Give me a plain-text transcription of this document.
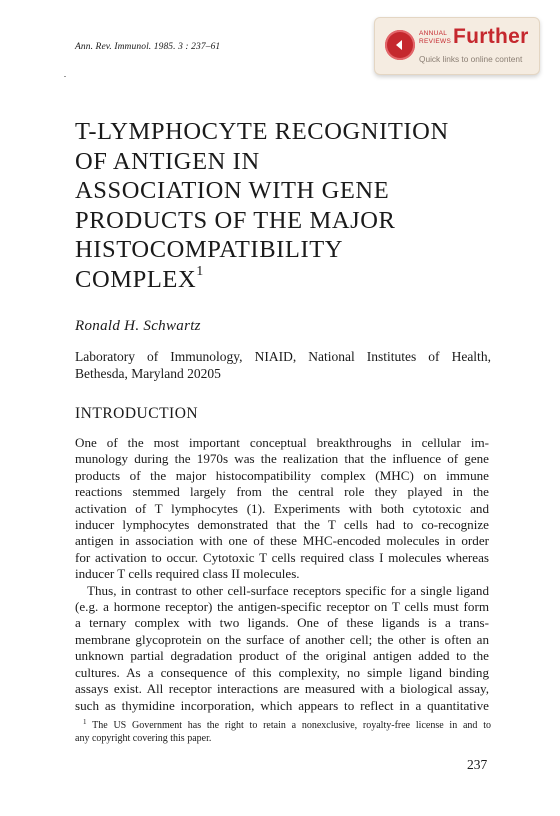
Ann. Rev. Immunol. 1985. 3 : 237–61
ANNUAL
REVIEWS Further
Quick links to online content
T-LYMPHOCYTE RECOGNITION
OF ANTIGEN IN
ASSOCIATION WITH GENE
PRODUCTS OF THE MAJOR
HISTOCOMPATIBILITY
COMPLEX$^1$
Ronald H. Schwartz
Laboratory of Immunology, NIAID, National Institutes of Health,
Bethesda, Maryland 20205
INTRODUCTION
One of the most important conceptual breakthroughs in cellular im-
munology during the 1970s was the realization that the influence of gene
products of the major histocompatibility complex (MHC) on immune
reactions stemmed largely from the central role they played in the
activation of T lymphocytes (1). Experiments with both cytotoxic and
inducer lymphocytes demonstrated that the T cells had to co-recognize
antigen in association with one of these MHC-encoded molecules in order
for activation to occur. Cytotoxic T cells required class I molecules whereas
inducer T cells required class II molecules.
Thus, in contrast to other cell-surface receptors specific for a single ligand
(e.g. a hormone receptor) the antigen-specific receptor on T cells must form
a ternary complex with two ligands. One of these ligands is a trans-
membrane glycoprotein on the surface of another cell; the other is often an
unknown partial degradation product of the original antigen added to the
cultures. As a consequence of this complexity, no simple ligand binding
assays exist. All receptor interactions are measured with a biological assay,
such as thymidine incorporation, which appears to reflect in a quantitative
$^1$ The US Government has the right to retain a nonexclusive, royalty-free license in and to
any copyright covering this paper.
237
